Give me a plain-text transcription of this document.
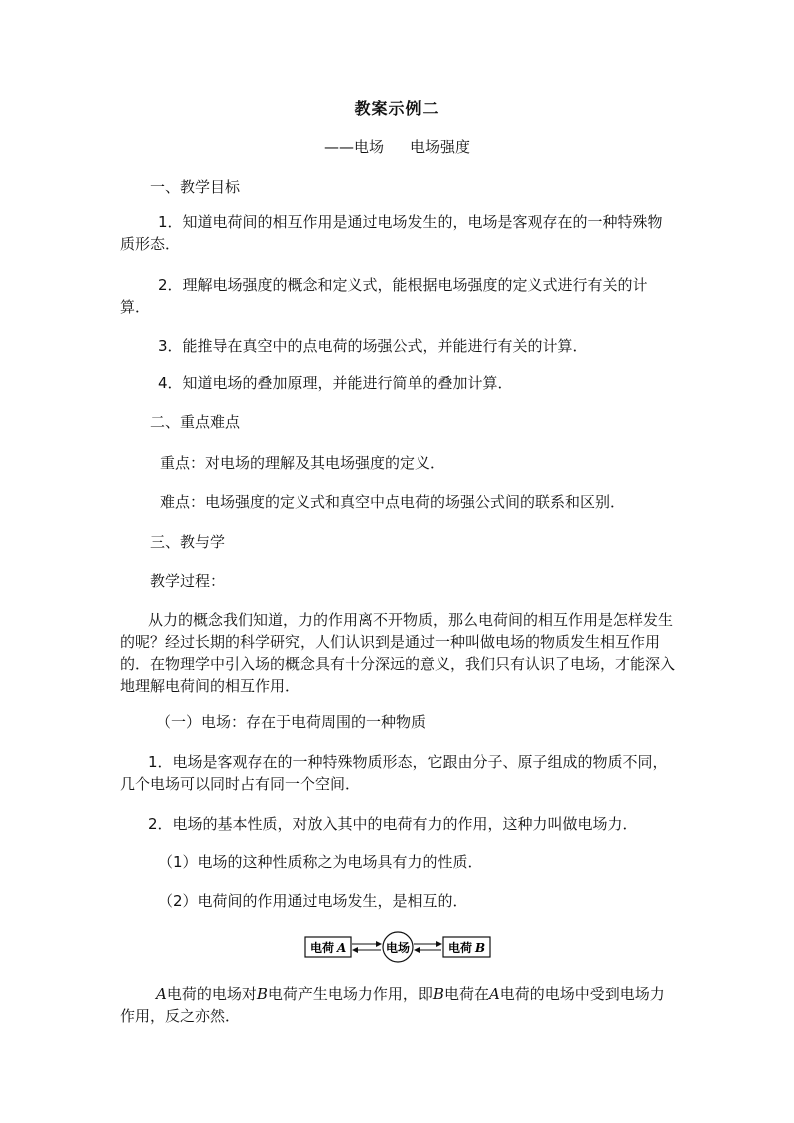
教案示例二
——电场 电场强度
一、教学目标
1．知道电荷间的相互作用是通过电场发生的，电场是客观存在的一种特殊物质形态．
2．理解电场强度的概念和定义式，能根据电场强度的定义式进行有关的计算．
3．能推导在真空中的点电荷的场强公式，并能进行有关的计算．
4．知道电场的叠加原理，并能进行简单的叠加计算．
二、重点难点
重点：对电场的理解及其电场强度的定义．
难点：电场强度的定义式和真空中点电荷的场强公式间的联系和区别．
三、教与学
教学过程：
从力的概念我们知道，力的作用离不开物质，那么电荷间的相互作用是怎样发生的呢？经过长期的科学研究，人们认识到是通过一种叫做电场的物质发生相互作用的．在物理学中引入场的概念具有十分深远的意义，我们只有认识了电场，才能深入地理解电荷间的相互作用．
（一）电场：存在于电荷周围的一种物质
1．电场是客观存在的一种特殊物质形态，它跟由分子、原子组成的物质不同，几个电场可以同时占有同一个空间．
2．电场的基本性质，对放入其中的电荷有力的作用，这种力叫做电场力．
（1）电场的这种性质称之为电场具有力的性质．
（2）电荷间的作用通过电场发生，是相互的．
电荷 A	电场	电荷 B
A电荷的电场对B电荷产生电场力作用，即B电荷在A电荷的电场中受到电场力作用，反之亦然．
